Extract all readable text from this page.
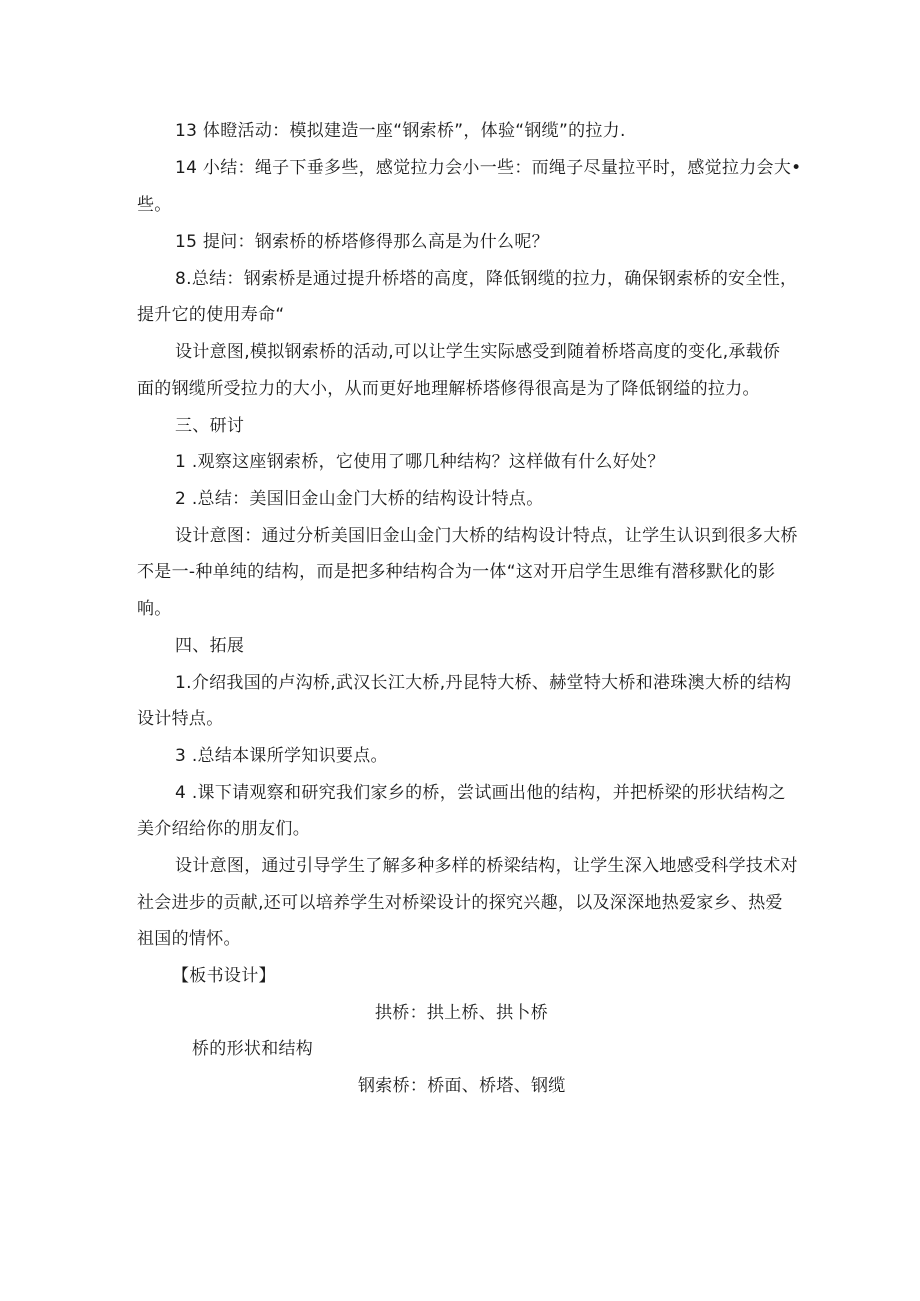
13 体瞪活动：模拟建造一座“钢索桥”，体验“钢缆”的拉力.
14 小结：绳子下垂多些，感觉拉力会小一些：而绳子尽量拉平时，感觉拉力会大•
些。
15 提问：钢索桥的桥塔修得那么高是为什么呢？
8.总结：钢索桥是通过提升桥塔的高度，降低钢缆的拉力，确保钢索桥的安全性，
提升它的使用寿命“
设计意图,模拟钢索桥的活动,可以让学生实际感受到随着桥塔高度的变化,承载侨
面的钢缆所受拉力的大小，从而更好地理解桥塔修得很高是为了降低钢缢的拉力。
三、研讨
1 .观察这座钢索桥，它使用了哪几种结构？这样做有什么好处？
2 .总结：美国旧金山金门大桥的结构设计特点。
设计意图：通过分析美国旧金山金门大桥的结构设计特点，让学生认识到很多大桥
不是一-种单纯的结构，而是把多种结构合为一体“这对开启学生思维有潜移默化的影
响。
四、拓展
1.介绍我国的卢沟桥,武汉长江大桥,丹昆特大桥、赫堂特大桥和港珠澳大桥的结构
设计特点。
3 .总结本课所学知识要点。
4 .课下请观察和研究我们家乡的桥，尝试画出他的结构，并把桥梁的形状结构之
美介绍给你的朋友们。
设计意图，通过引导学生了解多种多样的桥梁结构，让学生深入地感受科学技术对
社会进步的贡献,还可以培养学生对桥梁设计的探究兴趣，以及深深地热爱家乡、热爱
祖国的情怀。
【板书设计】
拱桥：拱上桥、拱卜桥
桥的形状和结构
钢索桥：桥面、桥塔、钢缆
